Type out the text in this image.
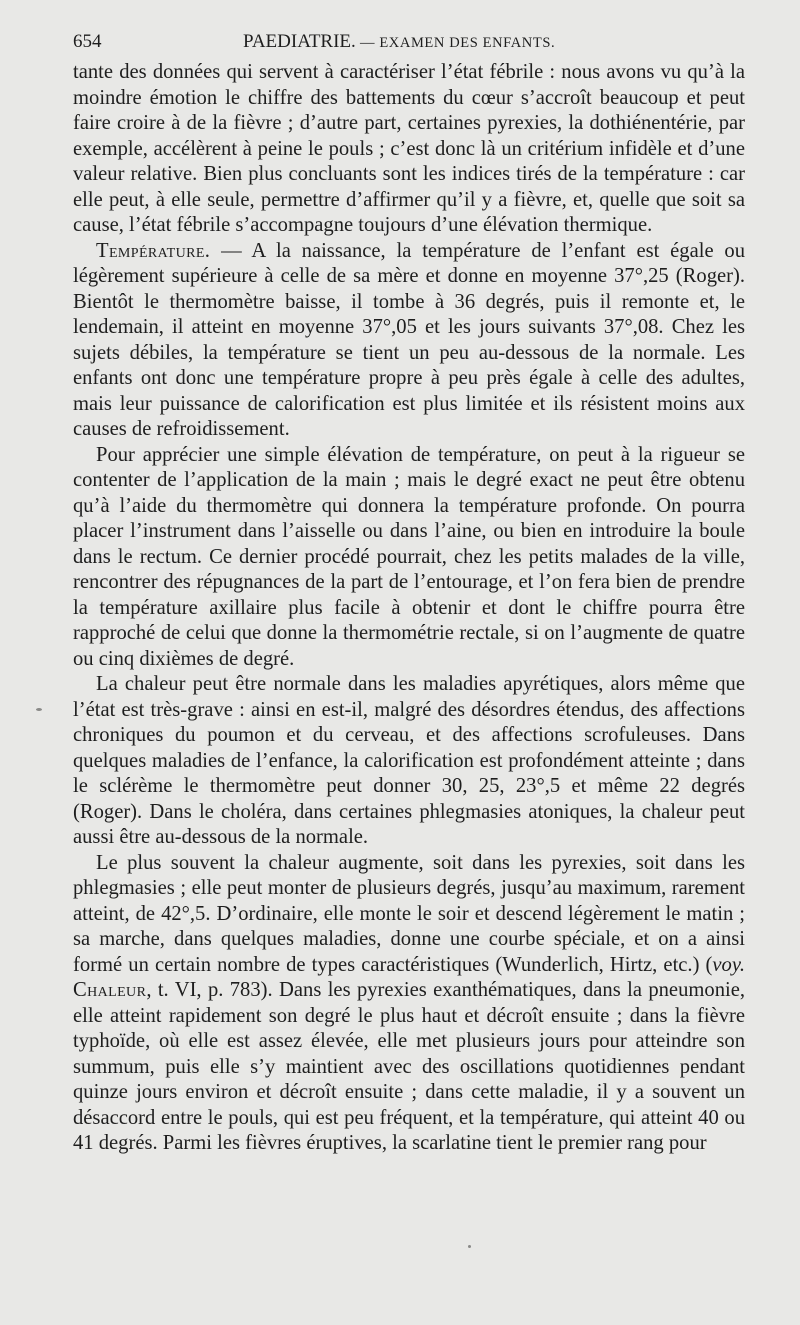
654	PAEDIATRIE. — EXAMEN DES ENFANTS.

tante des données qui servent à caractériser l’état fébrile : nous avons vu qu’à la moindre émotion le chiffre des battements du cœur s’accroît beaucoup et peut faire croire à de la fièvre ; d’autre part, certaines pyrexies, la dothiénentérie, par exemple, accélèrent à peine le pouls ; c’est donc là un critérium infidèle et d’une valeur relative. Bien plus concluants sont les indices tirés de la température : car elle peut, à elle seule, permettre d’affirmer qu’il y a fièvre, et, quelle que soit sa cause, l’état fébrile s’accompagne toujours d’une élévation thermique.

Température. — A la naissance, la température de l’enfant est égale ou légèrement supérieure à celle de sa mère et donne en moyenne 37°,25 (Roger). Bientôt le thermomètre baisse, il tombe à 36 degrés, puis il remonte et, le lendemain, il atteint en moyenne 37°,05 et les jours suivants 37°,08. Chez les sujets débiles, la température se tient un peu au-dessous de la normale. Les enfants ont donc une température propre à peu près égale à celle des adultes, mais leur puissance de calorification est plus limitée et ils résistent moins aux causes de refroidissement.

Pour apprécier une simple élévation de température, on peut à la rigueur se contenter de l’application de la main ; mais le degré exact ne peut être obtenu qu’à l’aide du thermomètre qui donnera la température profonde. On pourra placer l’instrument dans l’aisselle ou dans l’aine, ou bien en introduire la boule dans le rectum. Ce dernier procédé pourrait, chez les petits malades de la ville, rencontrer des répugnances de la part de l’entourage, et l’on fera bien de prendre la température axillaire plus facile à obtenir et dont le chiffre pourra être rapproché de celui que donne la thermométrie rectale, si on l’augmente de quatre ou cinq dixièmes de degré.

La chaleur peut être normale dans les maladies apyrétiques, alors même que l’état est très-grave : ainsi en est-il, malgré des désordres étendus, des affections chroniques du poumon et du cerveau, et des affections scrofuleuses. Dans quelques maladies de l’enfance, la calorification est profondément atteinte ; dans le sclérème le thermomètre peut donner 30, 25, 23°,5 et même 22 degrés (Roger). Dans le choléra, dans certaines phlegmasies atoniques, la chaleur peut aussi être au-dessous de la normale.

Le plus souvent la chaleur augmente, soit dans les pyrexies, soit dans les phlegmasies ; elle peut monter de plusieurs degrés, jusqu’au maximum, rarement atteint, de 42°,5. D’ordinaire, elle monte le soir et descend légèrement le matin ; sa marche, dans quelques maladies, donne une courbe spéciale, et on a ainsi formé un certain nombre de types caractéristiques (Wunderlich, Hirtz, etc.) (voy. Chaleur, t. VI, p. 783). Dans les pyrexies exanthématiques, dans la pneumonie, elle atteint rapidement son degré le plus haut et décroît ensuite ; dans la fièvre typhoïde, où elle est assez élevée, elle met plusieurs jours pour atteindre son summum, puis elle s’y maintient avec des oscillations quotidiennes pendant quinze jours environ et décroît ensuite ; dans cette maladie, il y a souvent un désaccord entre le pouls, qui est peu fréquent, et la température, qui atteint 40 ou 41 degrés. Parmi les fièvres éruptives, la scarlatine tient le premier rang pour
